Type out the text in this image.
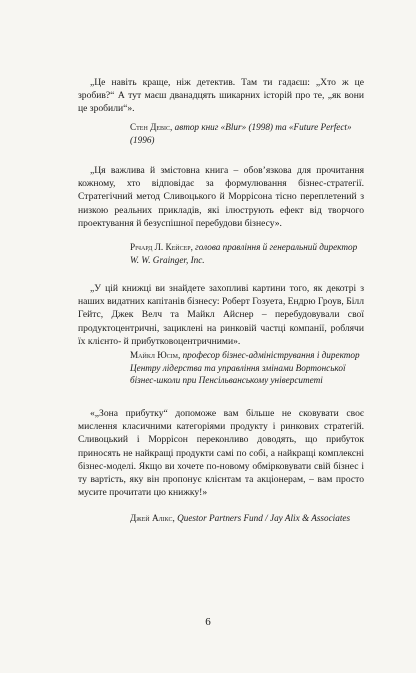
„Це навіть краще, ніж детектив. Там ти гадаєш: „Хто ж це зробив?“ А тут маєш дванадцять шикарних історій про те, „як вони це зробили“».

Стен Девіс, автор книг «Blur» (1998) та «Future Perfect» (1996)

„Ця важлива й змістовна книга – обов’язкова для прочитання кожному, хто відповідає за формулювання бізнес-стратегії. Стратегічний метод Сливоцького й Моррісона тісно переплетений з низкою реальних прикладів, які ілюструють ефект від творчого проектування й безуспішної перебудови бізнесу».

Річард Л. Кейсер, голова правління й генеральний директор W. W. Grainger, Inc.

„У цій книжці ви знайдете захопливі картини того, як декотрі з наших видатних капітанів бізнесу: Роберт Гозуета, Ендрю Гроув, Білл Гейтс, Джек Велч та Майкл Айснер – перебудовували свої продуктоцентричні, зациклені на ринковій частці компанії, роблячи їх клієнто- й прибутковоцентричними».

Майкл Юсім, професор бізнес-адміністрування і директор Центру лідерства та управління змінами Вортонської бізнес-школи при Пенсільванському університеті

«„Зона прибутку“ допоможе вам більше не сковувати своє мислення класичними категоріями продукту і ринкових стратегій. Сливоцький і Моррісон переконливо доводять, що прибуток приносять не найкращі продукти самі по собі, а найкращі комплексні бізнес-моделі. Якщо ви хочете по-новому обмірковувати свій бізнес і ту вартість, яку він пропонує клієнтам та акціонерам, – вам просто мусите прочитати цю книжку!»

Джей Алікс, Questor Partners Fund / Jay Alix & Associates

6
